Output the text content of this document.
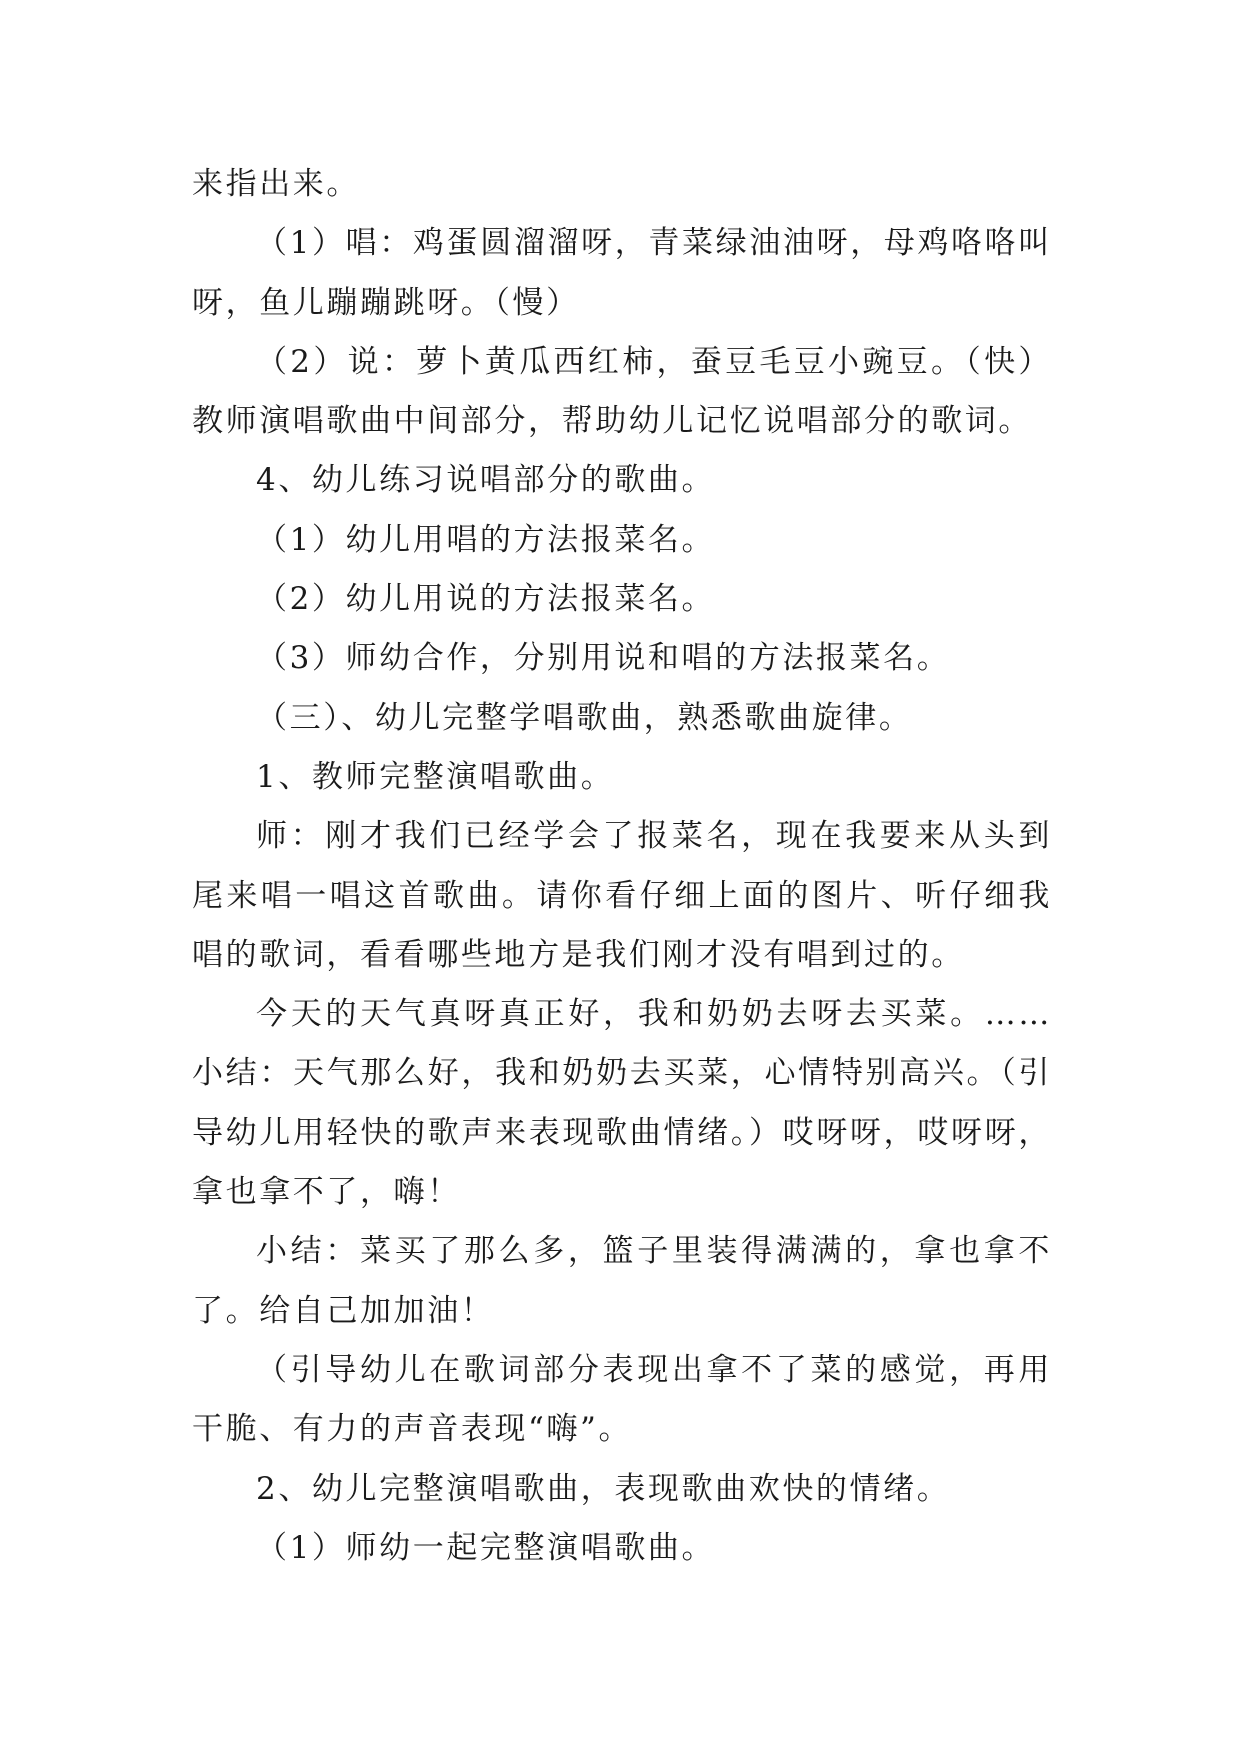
来指出来。

（1）唱：鸡蛋圆溜溜呀，青菜绿油油呀，母鸡咯咯叫呀，鱼儿蹦蹦跳呀。（慢）

（2）说：萝卜黄瓜西红柿，蚕豆毛豆小豌豆。（快）教师演唱歌曲中间部分，帮助幼儿记忆说唱部分的歌词。

4、幼儿练习说唱部分的歌曲。

（1）幼儿用唱的方法报菜名。

（2）幼儿用说的方法报菜名。

（3）师幼合作，分别用说和唱的方法报菜名。

（三）、幼儿完整学唱歌曲，熟悉歌曲旋律。

1、教师完整演唱歌曲。

师：刚才我们已经学会了报菜名，现在我要来从头到尾来唱一唱这首歌曲。请你看仔细上面的图片、听仔细我唱的歌词，看看哪些地方是我们刚才没有唱到过的。

今天的天气真呀真正好，我和奶奶去呀去买菜。……小结：天气那么好，我和奶奶去买菜，心情特别高兴。（引导幼儿用轻快的歌声来表现歌曲情绪。）哎呀呀，哎呀呀，拿也拿不了，嗨！

小结：菜买了那么多，篮子里装得满满的，拿也拿不了。给自己加加油！

（引导幼儿在歌词部分表现出拿不了菜的感觉，再用干脆、有力的声音表现“嗨”。

2、幼儿完整演唱歌曲，表现歌曲欢快的情绪。

（1）师幼一起完整演唱歌曲。
